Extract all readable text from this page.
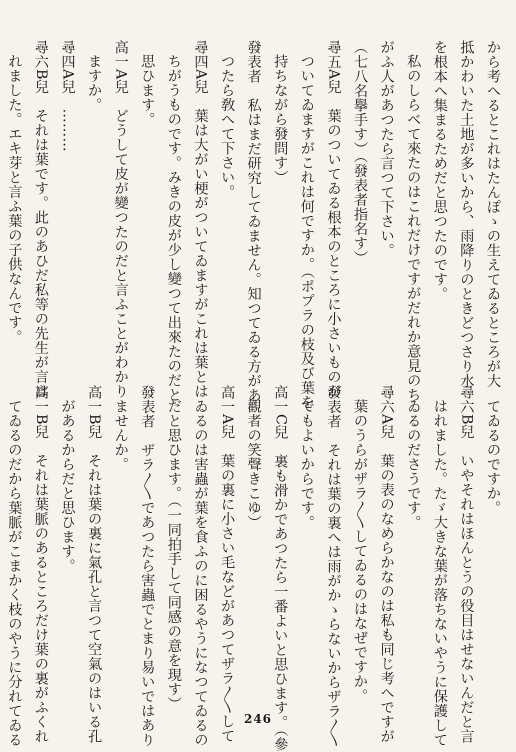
から考へるとこれはたんぽゝの生えてゐるところが大
抵かわいた土地が多いから、雨降りのときどつさり水
を根本へ集まるためだと思つたのです。
私のしらべて來たのはこれだけですがだれか意見のち
がふ人があつたら言つて下さい。
（七八名擧手す）（發表者指名す）
尋五A兒　葉のついてゐる根本のところに小さいものが
ついてゐますがこれは何ですか。（ポプラの枝及び葉を
持ちながら發問す）
發表者　私はまだ研究してゐません。知つてゐる方があ
つたら敎へて下さい。
尋四A兒　葉は大がい梗がついてゐますがこれは葉とは
ちがうものです。みきの皮が少し變つて出來たのだと
思ひます。
高一A兒　どうして皮が變つたのだと言ふことがわかり
ますか。
尋四A兒　………
尋六B兒　それは葉です。此のあひだ私等の先生が言は
れました。エキ芽と言ふ葉の子供なんです。
てゐるのですか。
尋六B兒　いやそれはほんとうの役目はせないんだと言
はれました。たゞ大きな葉が落ちないやうに保護して
ゐるのださうです。
尋六A兒　葉の表のなめらかなのは私も同じ考へですが
葉のうらがザラ〳〵してゐるのはなぜですか。
發表者　それは葉の裏へは雨がかゝらないからザラ〳〵
でもよいからです。
高一C兒　裏も滑かであつたら一番よいと思ひます。（參
觀者の笑聲きこゆ）
高一A兒　葉の裏に小さい毛などがあつてザラ〳〵して
ゐるのは害蟲が葉を食ふのに困るやうになつてゐるの
だと思ひます。（一同拍手して同感の意を現す）
發表者　ザラ〳〵であつたら害蟲でとまり易いではあり
ませんか。
高一B兒　それは葉の裏に氣孔と言つて空氣のはいる孔
があるからだと思ひます。
高一B兒　それは葉脈のあるところだけ葉の裏がふくれ
てゐるのだから葉脈がこまかく枝のやうに分れてゐる	246
